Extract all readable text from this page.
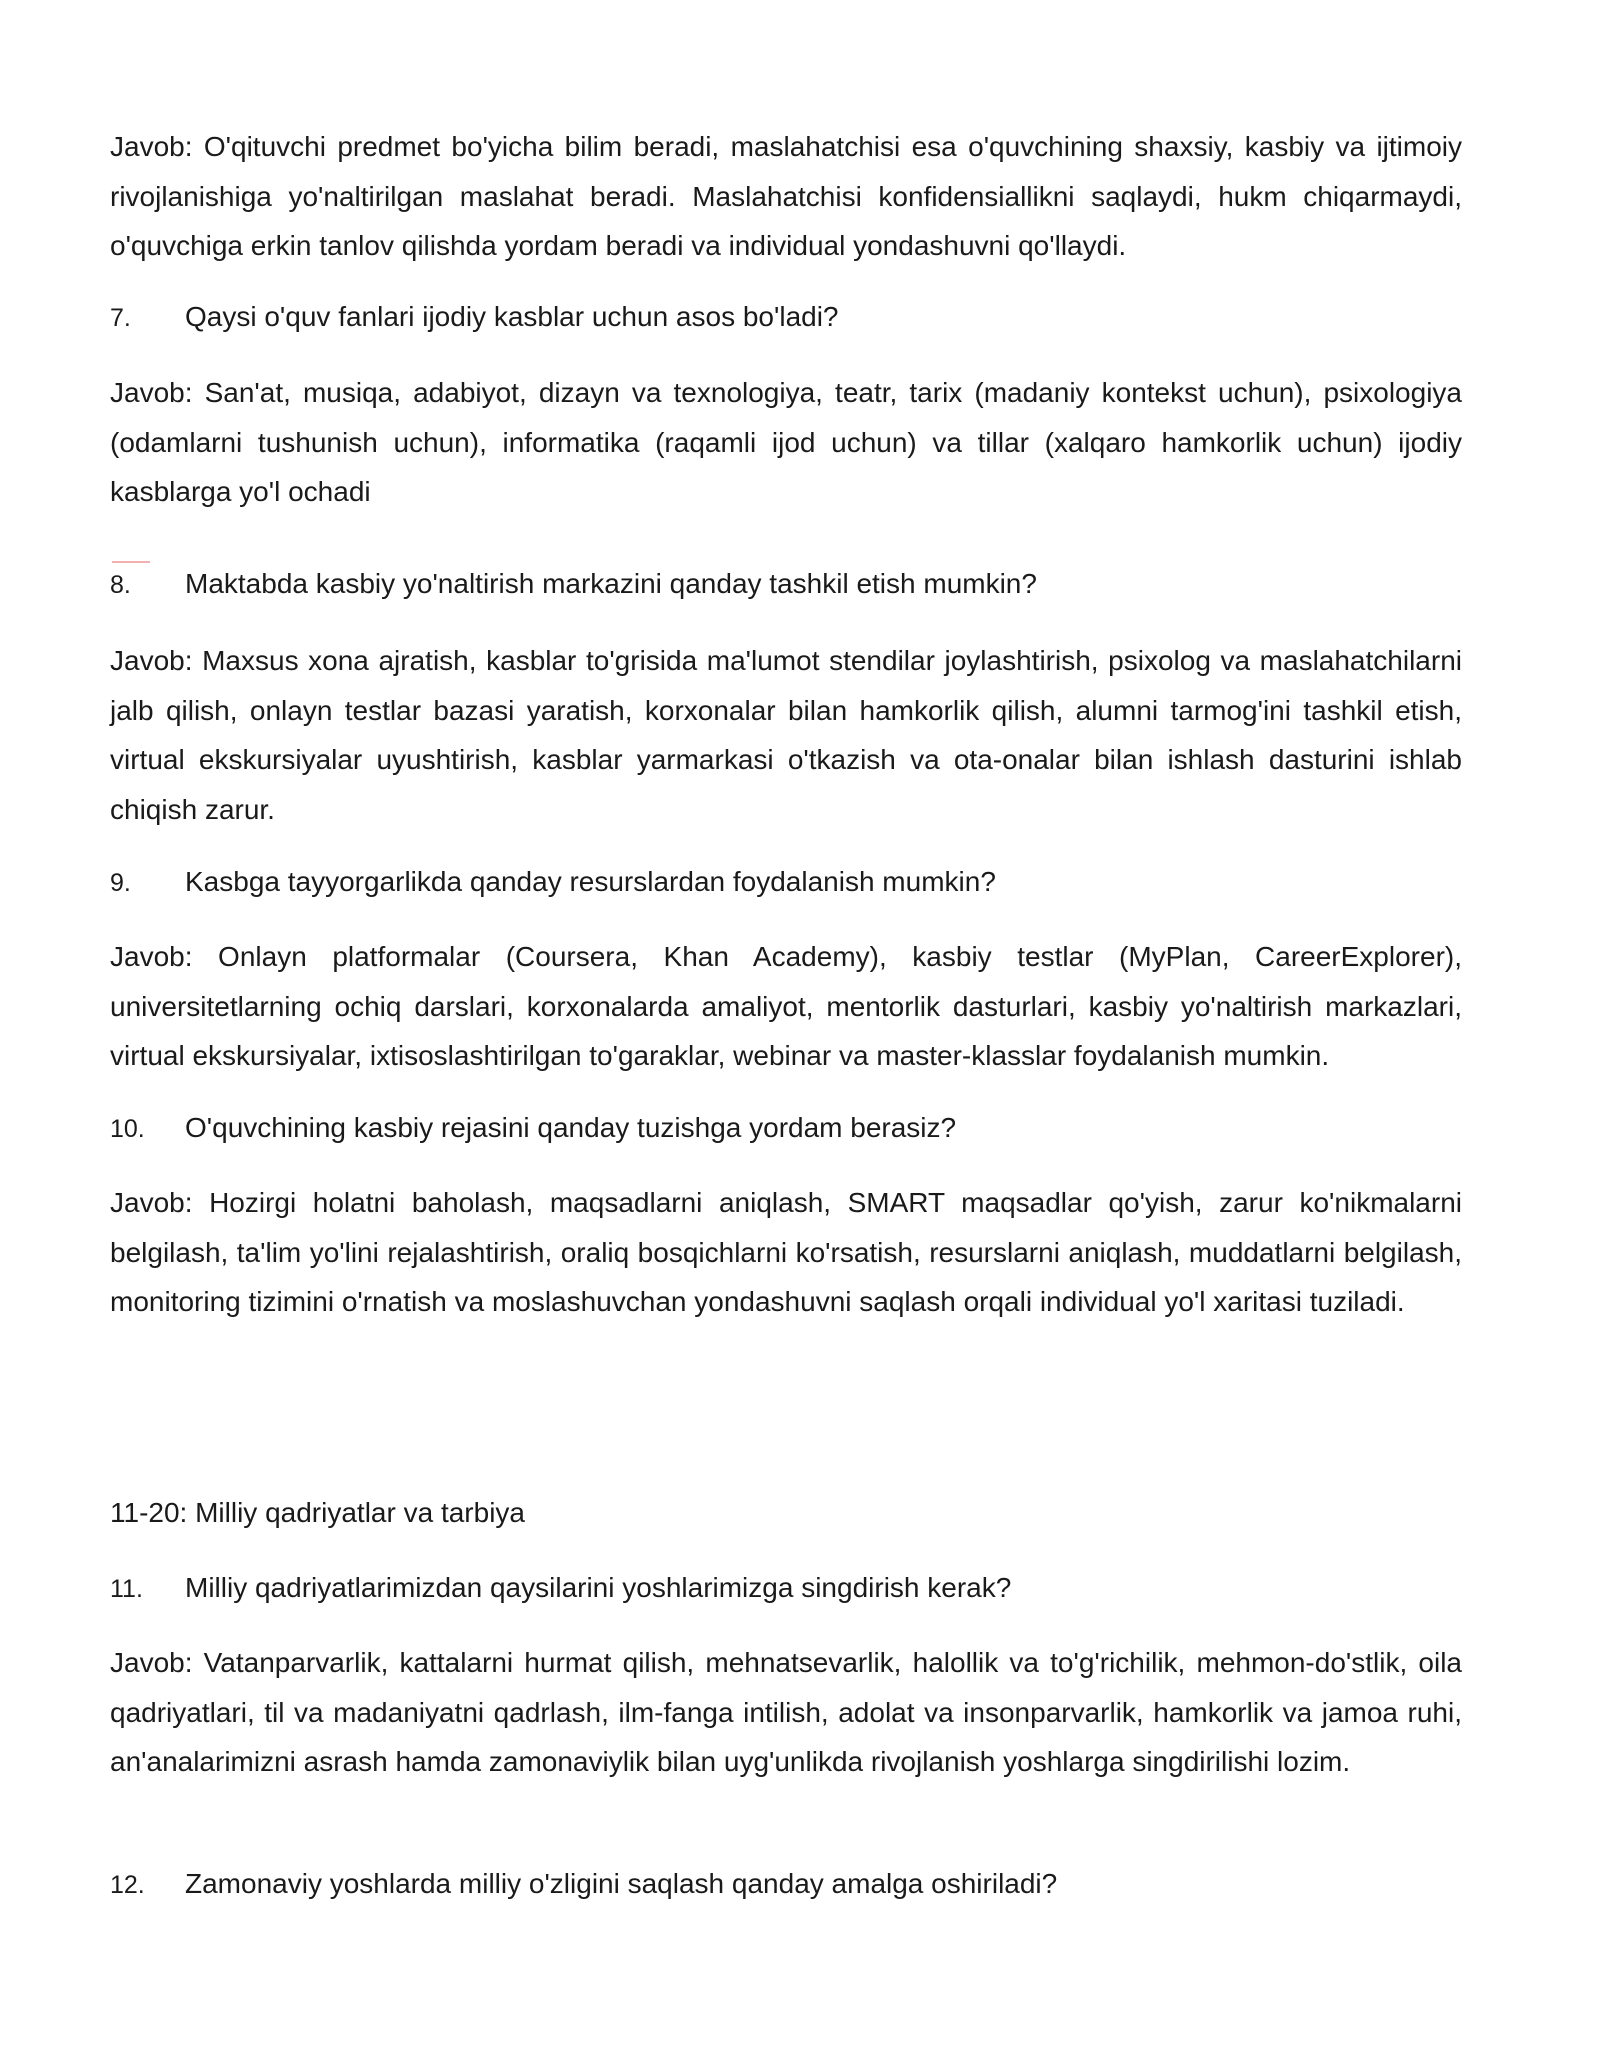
Javob: O'qituvchi predmet bo'yicha bilim beradi, maslahatchisi esa o'quvchining shaxsiy, kasbiy va ijtimoiy rivojlanishiga yo'naltirilgan maslahat beradi. Maslahatchisi konfidensiallikni saqlaydi, hukm chiqarmaydi, o'quvchiga erkin tanlov qilishda yordam beradi va individual yondashuvni qo'llaydi.
7. Qaysi o'quv fanlari ijodiy kasblar uchun asos bo'ladi?
Javob: San'at, musiqa, adabiyot, dizayn va texnologiya, teatr, tarix (madaniy kontekst uchun), psixologiya (odamlarni tushunish uchun), informatika (raqamli ijod uchun) va tillar (xalqaro hamkorlik uchun) ijodiy kasblarga yo'l ochadi
8. Maktabda kasbiy yo'naltirish markazini qanday tashkil etish mumkin?
Javob: Maxsus xona ajratish, kasblar to'grisida ma'lumot stendilar joylashtirish, psixolog va maslahatchilarni jalb qilish, onlayn testlar bazasi yaratish, korxonalar bilan hamkorlik qilish, alumni tarmog'ini tashkil etish, virtual ekskursiyalar uyushtirish, kasblar yarmarkasi o'tkazish va ota-onalar bilan ishlash dasturini ishlab chiqish zarur.
9. Kasbga tayyorgarlikda qanday resurslardan foydalanish mumkin?
Javob: Onlayn platformalar (Coursera, Khan Academy), kasbiy testlar (MyPlan, CareerExplorer), universitetlarning ochiq darslari, korxonalarda amaliyot, mentorlik dasturlari, kasbiy yo'naltirish markazlari, virtual ekskursiyalar, ixtisoslashtirilgan to'garaklar, webinar va master-klasslar foydalanish mumkin.
10. O'quvchining kasbiy rejasini qanday tuzishga yordam berasiz?
Javob: Hozirgi holatni baholash, maqsadlarni aniqlash, SMART maqsadlar qo'yish, zarur ko'nikmalarni belgilash, ta'lim yo'lini rejalashtirish, oraliq bosqichlarni ko'rsatish, resurslarni aniqlash, muddatlarni belgilash, monitoring tizimini o'rnatish va moslashuvchan yondashuvni saqlash orqali individual yo'l xaritasi tuziladi.
11-20: Milliy qadriyatlar va tarbiya
11. Milliy qadriyatlarimizdan qaysilarini yoshlarimizga singdirish kerak?
Javob: Vatanparvarlik, kattalarni hurmat qilish, mehnatsevarlik, halollik va to'g'richilik, mehmon-do'stlik, oila qadriyatlari, til va madaniyatni qadrlash, ilm-fanga intilish, adolat va insonparvarlik, hamkorlik va jamoa ruhi, an'analarimizni asrash hamda zamonaviylik bilan uyg'unlikda rivojlanish yoshlarga singdirilishi lozim.
12. Zamonaviy yoshlarda milliy o'zligini saqlash qanday amalga oshiriladi?
